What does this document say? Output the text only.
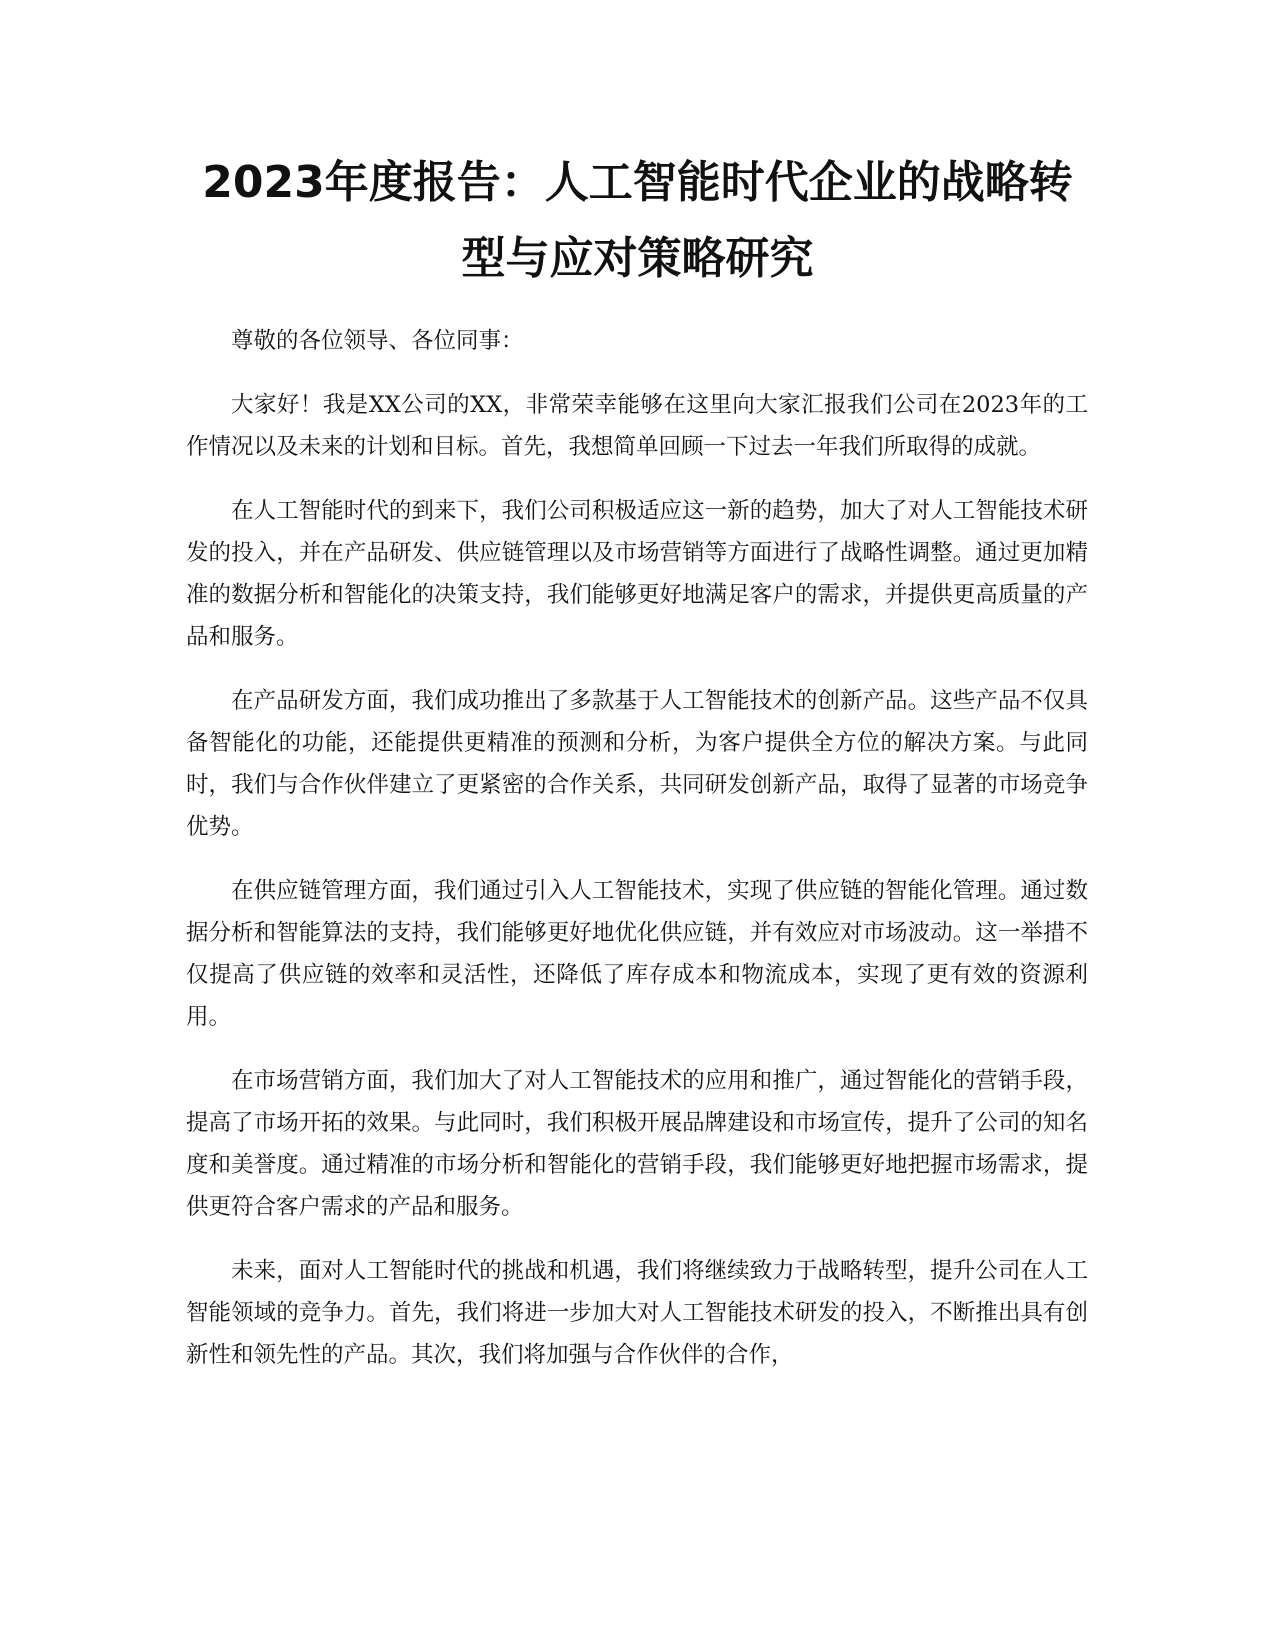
2023年度报告：人工智能时代企业的战略转型与应对策略研究

尊敬的各位领导、各位同事：

大家好！我是XX公司的XX，非常荣幸能够在这里向大家汇报我们公司在2023年的工作情况以及未来的计划和目标。首先，我想简单回顾一下过去一年我们所取得的成就。

在人工智能时代的到来下，我们公司积极适应这一新的趋势，加大了对人工智能技术研发的投入，并在产品研发、供应链管理以及市场营销等方面进行了战略性调整。通过更加精准的数据分析和智能化的决策支持，我们能够更好地满足客户的需求，并提供更高质量的产品和服务。

在产品研发方面，我们成功推出了多款基于人工智能技术的创新产品。这些产品不仅具备智能化的功能，还能提供更精准的预测和分析，为客户提供全方位的解决方案。与此同时，我们与合作伙伴建立了更紧密的合作关系，共同研发创新产品，取得了显著的市场竞争优势。

在供应链管理方面，我们通过引入人工智能技术，实现了供应链的智能化管理。通过数据分析和智能算法的支持，我们能够更好地优化供应链，并有效应对市场波动。这一举措不仅提高了供应链的效率和灵活性，还降低了库存成本和物流成本，实现了更有效的资源利用。

在市场营销方面，我们加大了对人工智能技术的应用和推广，通过智能化的营销手段，提高了市场开拓的效果。与此同时，我们积极开展品牌建设和市场宣传，提升了公司的知名度和美誉度。通过精准的市场分析和智能化的营销手段，我们能够更好地把握市场需求，提供更符合客户需求的产品和服务。

未来，面对人工智能时代的挑战和机遇，我们将继续致力于战略转型，提升公司在人工智能领域的竞争力。首先，我们将进一步加大对人工智能技术研发的投入，不断推出具有创新性和领先性的产品。其次，我们将加强与合作伙伴的合作，
